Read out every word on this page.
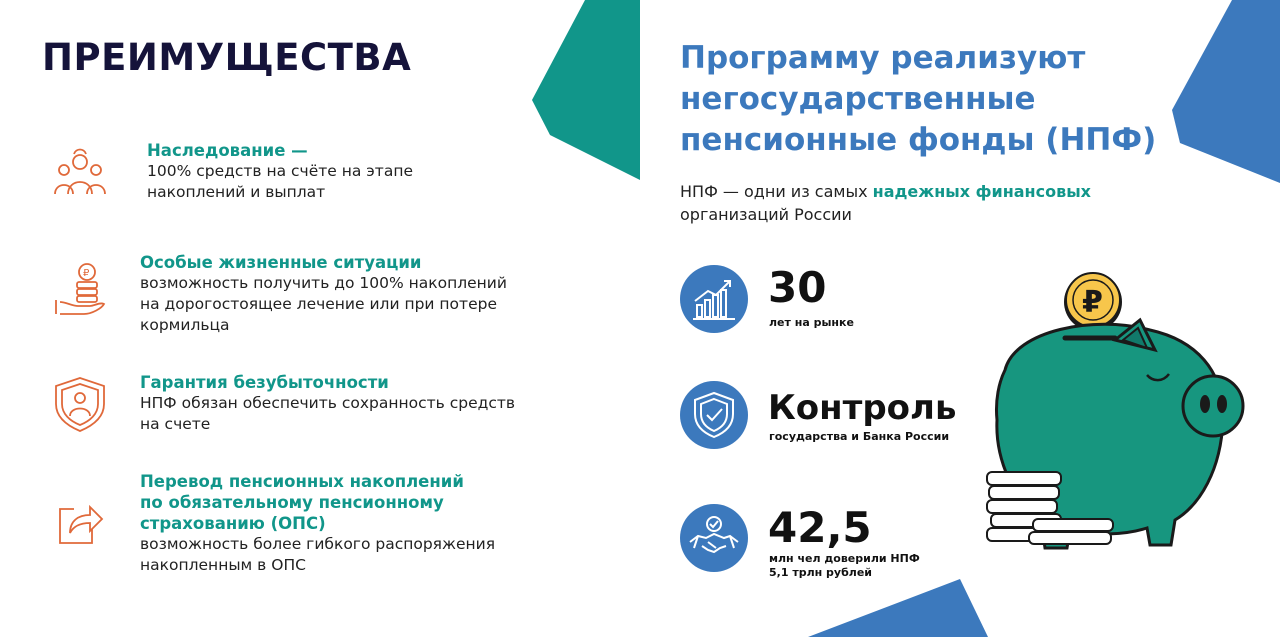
ПРЕИМУЩЕСТВА
Наследование —
100% средств на счёте на этапе накоплений и выплат
₽
Особые жизненные ситуации
возможность получить до 100% накоплений на дорогостоящее лечение или при потере кормильца
Гарантия безубыточности
НПФ обязан обеспечить сохранность средств на счете
Перевод пенсионных накоплений по обязательному пенсионному страхованию (ОПС)
возможность более гибкого распоряжения накопленным в ОПС
Программу реализуют негосударственные пенсионные фонды (НПФ)
НПФ — одни из самых надежных финансовых организаций России
30
лет на рынке
Контроль
государства и Банка России
42,5
млн чел доверили НПФ
5,1 трлн рублей
₽
